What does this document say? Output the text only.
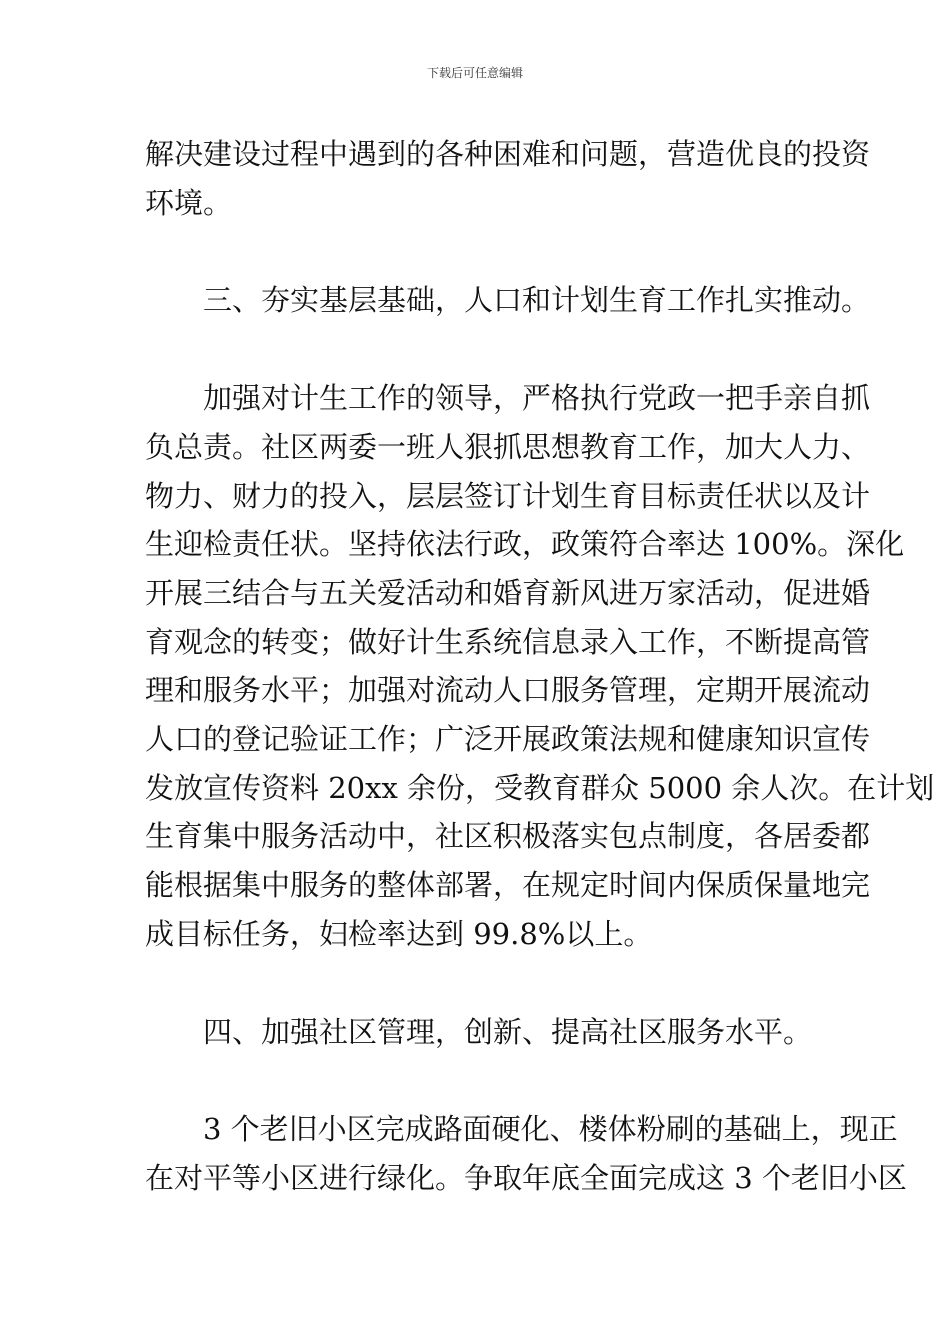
下载后可任意编辑

解决建设过程中遇到的各种困难和问题，营造优良的投资
环境。

　　三、夯实基层基础，人口和计划生育工作扎实推动。

　　加强对计生工作的领导，严格执行党政一把手亲自抓
负总责。社区两委一班人狠抓思想教育工作，加大人力、
物力、财力的投入，层层签订计划生育目标责任状以及计
生迎检责任状。坚持依法行政，政策符合率达 100%。深化
开展三结合与五关爱活动和婚育新风进万家活动，促进婚
育观念的转变；做好计生系统信息录入工作，不断提高管
理和服务水平；加强对流动人口服务管理，定期开展流动
人口的登记验证工作；广泛开展政策法规和健康知识宣传
发放宣传资料 20xx 余份，受教育群众 5000 余人次。在计划
生育集中服务活动中，社区积极落实包点制度，各居委都
能根据集中服务的整体部署，在规定时间内保质保量地完
成目标任务，妇检率达到 99.8%以上。

　　四、加强社区管理，创新、提高社区服务水平。

　　3 个老旧小区完成路面硬化、楼体粉刷的基础上，现正
在对平等小区进行绿化。争取年底全面完成这 3 个老旧小区
